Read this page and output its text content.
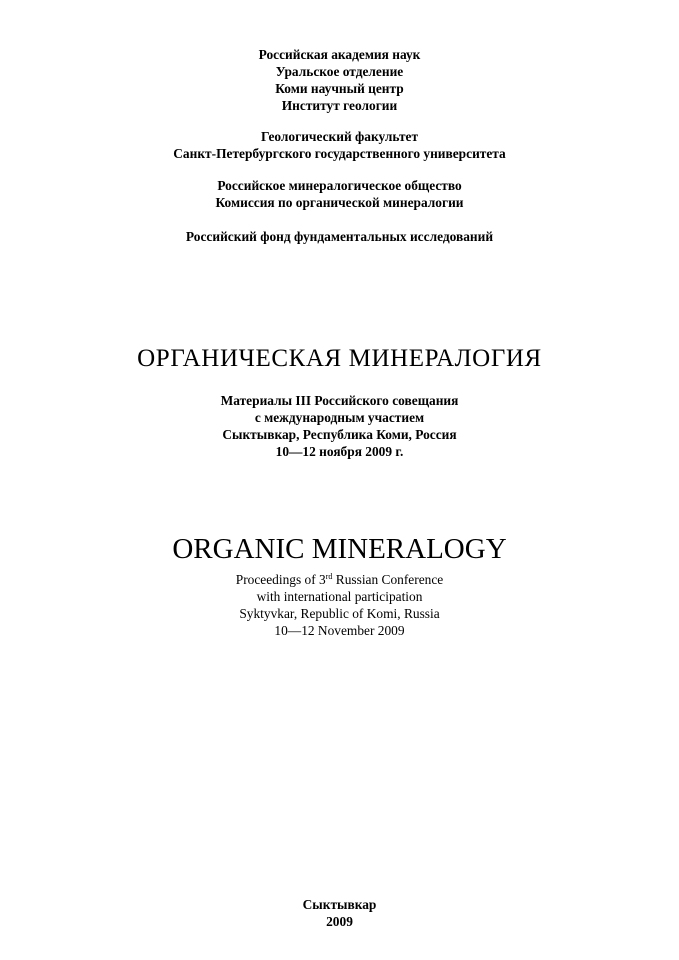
Российская академия наук
Уральское отделение
Коми научный центр
Институт геологии
Геологический факультет
Санкт-Петербургского государственного университета
Российское минералогическое общество
Комиссия по органической минералогии
Российский фонд фундаментальных исследований
ОРГАНИЧЕСКАЯ МИНЕРАЛОГИЯ
Материалы III Российского совещания
с международным участием
Сыктывкар, Республика Коми, Россия
10—12 ноября 2009 г.
ORGANIC MINERALOGY
Proceedings of 3rd Russian Conference
with international participation
Syktyvkar, Republic of Komi, Russia
10—12 November 2009
Сыктывкар
2009
